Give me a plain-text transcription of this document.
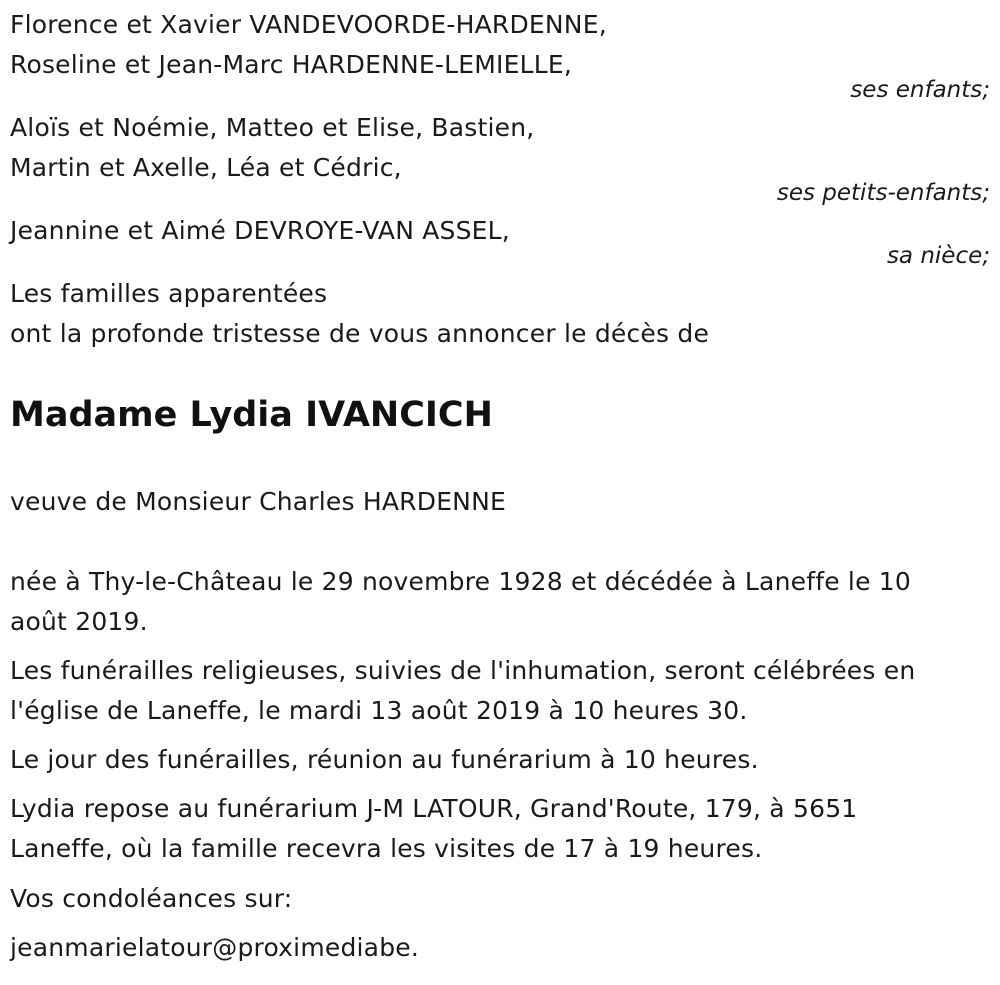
Florence et Xavier VANDEVOORDE-HARDENNE,
Roseline et Jean-Marc HARDENNE-LEMIELLE,
ses enfants;
Aloïs et Noémie, Matteo et Elise, Bastien,
Martin et Axelle, Léa et Cédric,
ses petits-enfants;
Jeannine et Aimé DEVROYE-VAN ASSEL,
sa nièce;
Les familles apparentées
ont la profonde tristesse de vous annoncer le décès de
Madame Lydia IVANCICH
veuve de Monsieur Charles HARDENNE
née à Thy-le-Château le 29 novembre 1928 et décédée à Laneffe le 10
août 2019.
Les funérailles religieuses, suivies de l'inhumation, seront célébrées en
l'église de Laneffe, le mardi 13 août 2019 à 10 heures 30.
Le jour des funérailles, réunion au funérarium à 10 heures.
Lydia repose au funérarium J-M LATOUR, Grand'Route, 179, à 5651
Laneffe, où la famille recevra les visites de 17 à 19 heures.
Vos condoléances sur:
jeanmarielatour@proximediabe.
